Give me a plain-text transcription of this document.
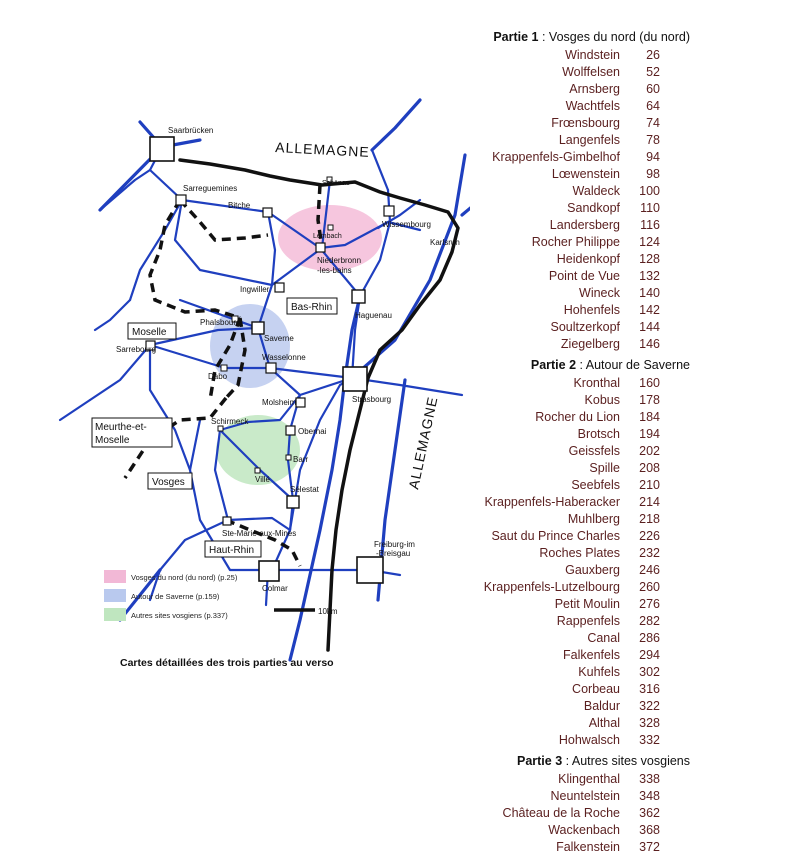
Saarbrücken
Sarreguemines
Bitche
Schönau
Wissembourg
Lembach
Niederbronn
-les-bains
Ingwiller
Haguenau
Karlsruh
Phalsbourg
Saverne
Sarrebourg
Wasselonne
Dabo
Strasbourg
Molsheim
Schirmeck
Obernai
Barr
Villé
Sélestat
Ste-Marie-aux-Mines
Colmar
Freiburg-im
-Breisgau
ALLEMAGNE
ALLEMAGNE
Bas-Rhin
Moselle
Meurthe-et-
Moselle
Vosges
Haut-Rhin
10km
Vosges du nord (du nord) (p.25)
Autour de Saverne (p.159)
Autres sites vosgiens (p.337)
Cartes détaillées des trois parties au verso
Partie 1 : Vosges du nord (du nord)
Windstein	26
Wolffelsen	52
Arnsberg	60
Wachtfels	64
Frœnsbourg	74
Langenfels	78
Krappenfels-Gimbelhof	94
Lœwenstein	98
Waldeck	100
Sandkopf	110
Landersberg	116
Rocher Philippe	124
Heidenkopf	128
Point de Vue	132
Wineck	140
Hohenfels	142
Soultzerkopf	144
Ziegelberg	146
Partie 2 : Autour de Saverne
Kronthal	160
Kobus	178
Rocher du Lion	184
Brotsch	194
Geissfels	202
Spille	208
Seebfels	210
Krappenfels-Haberacker	214
Muhlberg	218
Saut du Prince Charles	226
Roches Plates	232
Gauxberg	246
Krappenfels-Lutzelbourg	260
Petit Moulin	276
Rappenfels	282
Canal	286
Falkenfels	294
Kuhfels	302
Corbeau	316
Baldur	322
Althal	328
Hohwalsch	332
Partie 3 : Autres sites vosgiens
Klingenthal	338
Neuntelstein	348
Château de la Roche	362
Wackenbach	368
Falkenstein	372
